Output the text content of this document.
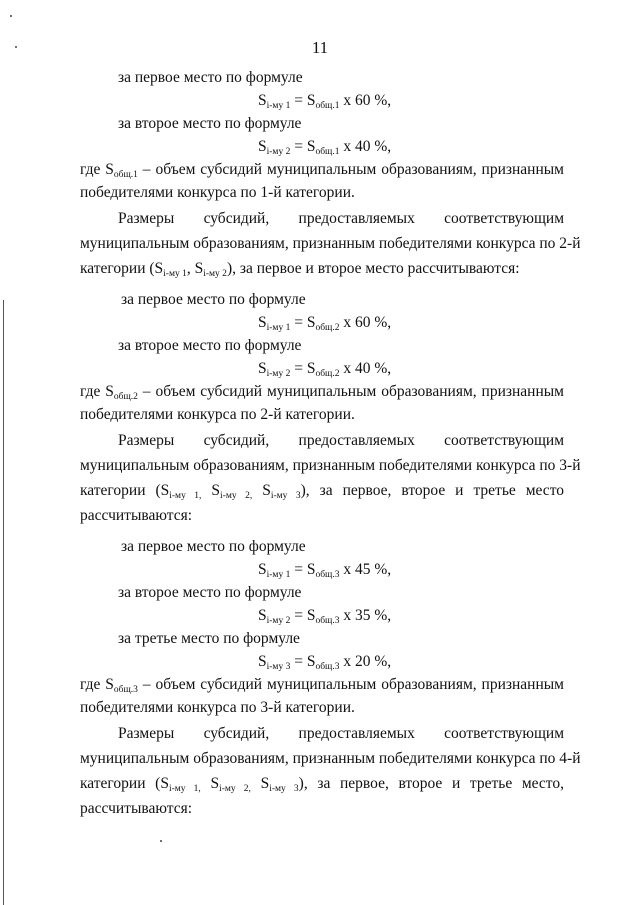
11
за первое место по формуле
$S_{i-му 1} = S_{общ.1}$ x 60 %,
за второе место по формуле
$S_{i-му 2} = S_{общ.1}$ x 40 %,
где $S_{общ.1}$ – объем субсидий муниципальным образованиям, признанным
победителями конкурса по 1-й категории.
Размеры субсидий, предоставляемых соответствующим
муниципальным образованиям, признанным победителями конкурса по 2-й
категории ($S_{i-му 1}$, $S_{i-му 2}$), за первое и второе место рассчитываются:
за первое место по формуле
$S_{i-му 1} = S_{общ.2}$ x 60 %,
за второе место по формуле
$S_{i-му 2} = S_{общ.2}$ x 40 %,
где $S_{общ.2}$ – объем субсидий муниципальным образованиям, признанным
победителями конкурса по 2-й категории.
Размеры субсидий, предоставляемых соответствующим
муниципальным образованиям, признанным победителями конкурса по 3-й
категории ($S_{i-му 1,}$ $S_{i-му 2,}$ $S_{i-му 3}$), за первое, второе и третье место
рассчитываются:
за первое место по формуле
$S_{i-му 1} = S_{общ.3}$ x 45 %,
за второе место по формуле
$S_{i-му 2} = S_{общ.3}$ x 35 %,
за третье место по формуле
$S_{i-му 3} = S_{общ.3}$ x 20 %,
где $S_{общ.3}$ – объем субсидий муниципальным образованиям, признанным
победителями конкурса по 3-й категории.
Размеры субсидий, предоставляемых соответствующим
муниципальным образованиям, признанным победителями конкурса по 4-й
категории ($S_{i-му 1,}$ $S_{i-му 2,}$ $S_{i-му 3}$), за первое, второе и третье место,
рассчитываются:
